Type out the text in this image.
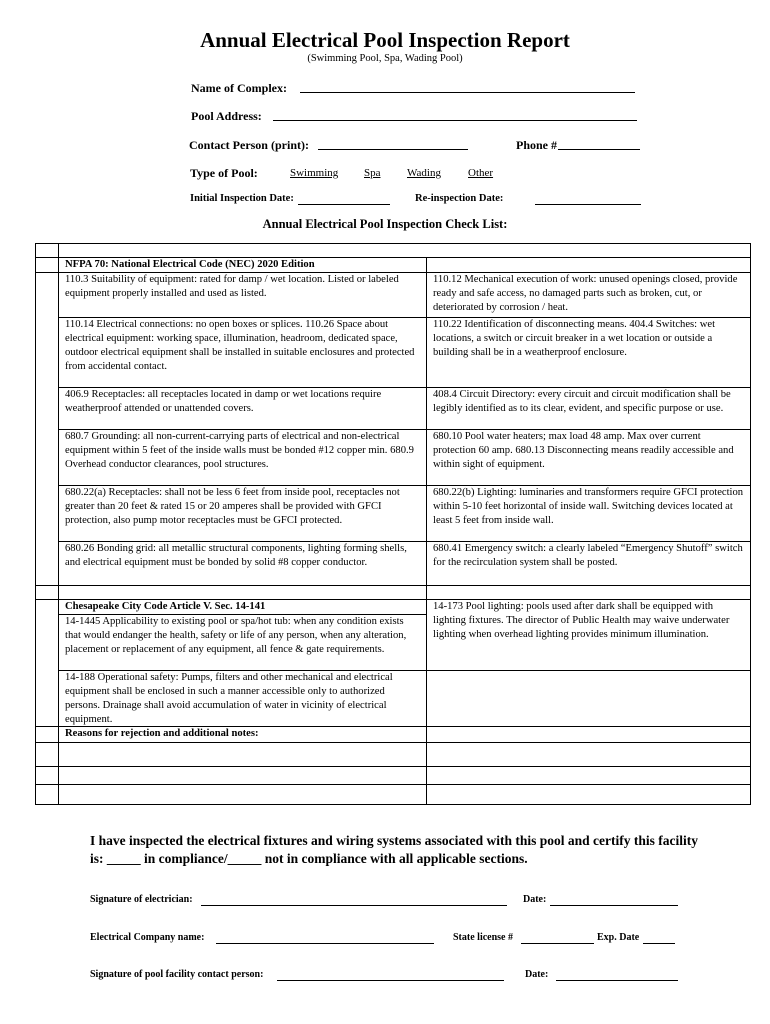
Annual Electrical Pool Inspection Report
(Swimming Pool, Spa, Wading Pool)
Name of Complex:
Pool Address:
Contact Person (print):	Phone #
Type of Pool:	Swimming Spa Wading Other
Initial Inspection Date:	Re-inspection Date:
Annual Electrical Pool Inspection Check List:

	NFPA 70: National Electrical Code (NEC) 2020 Edition	
	110.3 Suitability of equipment: rated for damp / wet location. Listed or labeled equipment properly installed and used as listed.	110.12 Mechanical execution of work: unused openings closed, provide ready and safe access, no damaged parts such as broken, cut, or deteriorated by corrosion / heat.
	110.14 Electrical connections: no open boxes or splices. 110.26 Space about electrical equipment: working space, illumination, headroom, dedicated space, outdoor electrical equipment shall be installed in suitable enclosures and protected from accidental contact.	110.22 Identification of disconnecting means. 404.4 Switches: wet locations, a switch or circuit breaker in a wet location or outside a building shall be in a weatherproof enclosure.
	406.9 Receptacles: all receptacles located in damp or wet locations require weatherproof attended or unattended covers.	408.4 Circuit Directory: every circuit and circuit modification shall be legibly identified as to its clear, evident, and specific purpose or use.
	680.7 Grounding: all non-current-carrying parts of electrical and non-electrical equipment within 5 feet of the inside walls must be bonded #12 copper min. 680.9 Overhead conductor clearances, pool structures.	680.10 Pool water heaters; max load 48 amp. Max over current protection 60 amp. 680.13 Disconnecting means readily accessible and within sight of equipment.
	680.22(a) Receptacles: shall not be less 6 feet from inside pool, receptacles not greater than 20 feet & rated 15 or 20 amperes shall be provided with GFCI protection, also pump motor receptacles must be GFCI protected.	680.22(b) Lighting: luminaries and transformers require GFCI protection within 5-10 feet horizontal of inside wall. Switching devices located at least 5 feet from inside wall.
	680.26 Bonding grid: all metallic structural components, lighting forming shells, and electrical equipment must be bonded by solid #8 copper conductor.	680.41 Emergency switch: a clearly labeled “Emergency Shutoff” switch for the recirculation system shall be posted.

	Chesapeake City Code Article V. Sec. 14-141	14-173 Pool lighting: pools used after dark shall be equipped with lighting fixtures. The director of Public Health may waive underwater lighting when overhead lighting provides minimum illumination.
	14-1445 Applicability to existing pool or spa/hot tub: when any condition exists that would endanger the health, safety or life of any person, when any alteration, placement or replacement of any equipment, all fence & gate requirements.	
	14-188 Operational safety: Pumps, filters and other mechanical and electrical equipment shall be enclosed in such a manner accessible only to authorized persons. Drainage shall avoid accumulation of water in vicinity of electrical equipment.	
	Reasons for rejection and additional notes:	

I have inspected the electrical fixtures and wiring systems associated with this pool and certify this facility is: _____ in compliance/_____ not in compliance with all applicable sections.
Signature of electrician:	Date:
Electrical Company name:	State license #	Exp. Date
Signature of pool facility contact person:	Date:
